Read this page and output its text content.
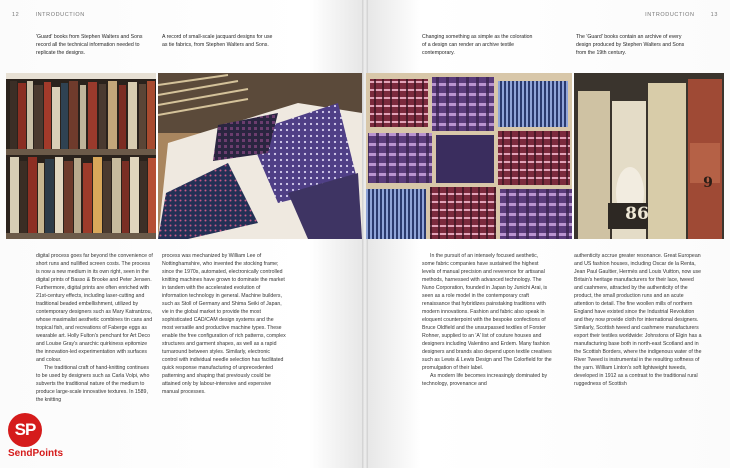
12	INTRODUCTION
'Guard' books from Stephen Walters and Sons record all the technical information needed to replicate the designs.
A record of small-scale jacquard designs for use as tie fabrics, from Stephen Walters and Sons.

digital process goes far beyond the convenience of short runs and nullified screen costs. The process is now a new medium in its own right, seen in the digital prints of Basso & Brooke and Peter Jensen. Furthermore, digital prints are often enriched with 21st-century effects, including laser-cutting and traditional beaded embellishment, utilized by contemporary designers such as Mary Katrantzou, whose maximalist aesthetic combines tin cans and tropical fish, and recreations of Faberge eggs as wearable art. Holly Fulton's penchant for Art Deco and Louise Gray's anarchic quirkiness epitomize the innovation-led experimentation with surfaces and colour.

The traditional craft of hand-knitting continues to be used by designers such as Carla Volpi, who subverts the traditional nature of the medium to produce large-scale innovative textures. In 1589, the knitting

process was mechanized by William Lee of Nottinghamshire, who invented the stocking frame; since the 1970s, automated, electronically controlled knitting machines have grown to dominate the market in tandem with the accelerated evolution of information technology in general. Machine builders, such as Stoll of Germany and Shima Seiki of Japan, vie in the global market to provide the most sophisticated CAD/CAM design systems and the most versatile and productive machine types. These enable the free configuration of rich patterns, complex structures and garment shapes, as well as a rapid turnaround between styles. Similarly, electronic control with individual needle selection has facilitated quick response manufacturing of unprecedented patterning and shaping that previously could be attained only by labour-intensive and expensive manual processes.

INTRODUCTION	13
Changing something as simple as the coloration of a design can render an archive textile contemporary.
The 'Guard' books contain an archive of every design produced by Stephen Walters and Sons from the 19th century.

In the pursuit of an intensely focused aesthetic, some fabric companies have sustained the highest levels of manual precision and reverence for artisanal methods, harnessed with advanced technology. The Nuno Corporation, founded in Japan by Junichi Arai, is seen as a role model in the contemporary craft renaissance that hybridizes painstaking traditions with modern innovations. Fashion and fabric also speak in eloquent counterpoint with the bespoke confections of Bruce Oldfield and the unsurpassed textiles of Forster Rohner, supplied to an 'A' list of couture houses and designers including Valentino and Erdem. Many fashion designers and brands also depend upon textile creatives such as Lewis & Lewis Design and The Colorfield for the promulgation of their label.

As modern life becomes increasingly dominated by technology, provenance and

authenticity accrue greater resonance. Great European and US fashion houses, including Oscar de la Renta, Jean Paul Gaultier, Hermès and Louis Vuitton, now use Britain's heritage manufacturers for their lace, tweed and cashmere, attracted by the authenticity of the product, the small production runs and an acute attention to detail. The fine woollen mills of northern England have existed since the Industrial Revolution and they now provide cloth for international designers. Similarly, Scottish tweed and cashmere manufacturers export their textiles worldwide: Johnstons of Elgin has a manufacturing base both in north-east Scotland and in the Scottish Borders, where the indigenous water of the River Tweed is instrumental in the resulting softness of the yarn. William Linton's soft lightweight tweeds, developed in 1912 as a contrast to the traditional rural ruggedness of Scottish

86
9
SP
SendPoints
